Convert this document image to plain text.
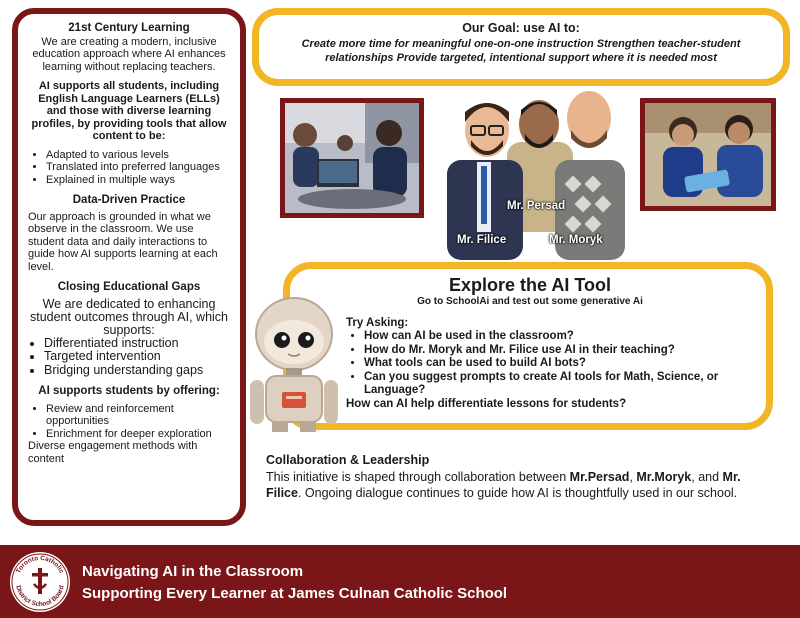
21st Century Learning

We are creating a modern, inclusive education approach where AI enhances learning without replacing teachers.

AI supports all students, including English Language Learners (ELLs) and those with diverse learning profiles, by providing tools that allow content to be:

• Adapted to various levels
• Translated into preferred languages
• Explained in multiple ways
Data-Driven Practice

Our approach is grounded in what we observe in the classroom. We use student data and daily interactions to guide how AI supports learning at each level.

Closing Educational Gaps

We are dedicated to enhancing student outcomes through AI, which supports:

• Differentiated instruction
• Targeted intervention
• Bridging understanding gaps
AI supports students by offering:
• Review and reinforcement opportunities
• Enrichment for deeper exploration

Diverse engagement methods with content

Our Goal: use AI to:
Create more time for meaningful one-on-one instruction Strengthen teacher-student relationships Provide targeted, intentional support where it is needed most
Mr. Persad
Mr. Filice	Mr. Moryk
Explore the AI Tool
Go to SchoolAi and test out some generative Ai
Try Asking:
• How can AI be used in the classroom?
• How do Mr. Moryk and Mr. Filice use AI in their teaching?
• What tools can be used to build AI bots?
• Can you suggest prompts to create AI tools for Math, Science, or Language?
How can AI help differentiate lessons for students?
Collaboration & Leadership
This initiative is shaped through collaboration between Mr.Persad, Mr.Moryk, and Mr. Filice. Ongoing dialogue continues to guide how AI is thoughtfully used in our school.
Toronto Catholic
District School Board
Navigating AI in the Classroom
Supporting Every Learner at James Culnan Catholic School
